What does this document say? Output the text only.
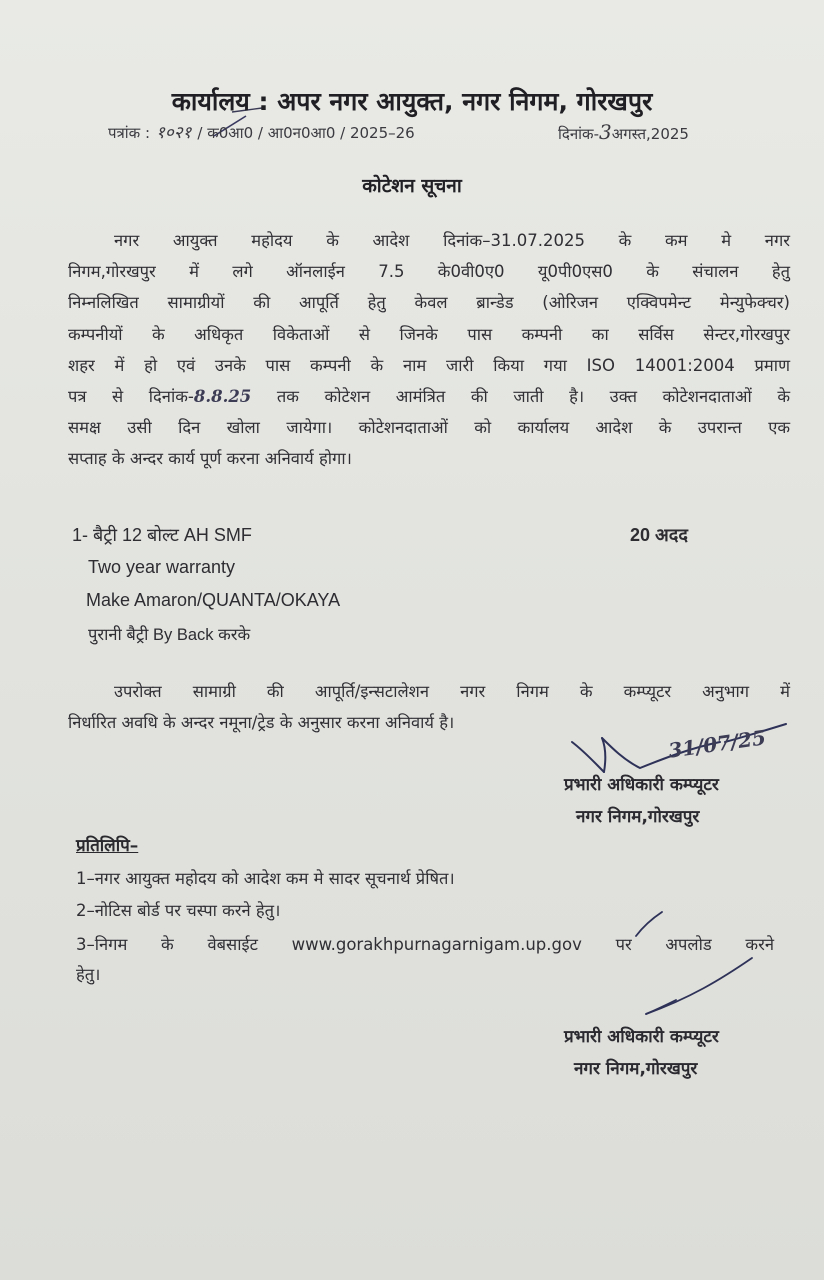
कार्यालय : अपर नगर आयुक्त, नगर निगम, गोरखपुर
पत्रांक : १०२१ / क0आ0 / आ0न0आ0 / 2025–26	दिनांक-3अगस्त,2025
कोटेशन सूचना
नगर आयुक्त महोदय के आदेश दिनांक–31.07.2025 के कम मे नगर
निगम,गोरखपुर में लगे ऑनलाईन 7.5 के0वी0ए0 यू0पी0एस0 के संचालन हेतु
निम्नलिखित सामाग्रीयों की आपूर्ति हेतु केवल ब्रान्डेड (ओरिजन एक्विपमेन्ट मेन्युफेक्चर)
कम्पनीयों के अधिकृत विकेताओं से जिनके पास कम्पनी का सर्विस सेन्टर,गोरखपुर
शहर में हो एवं उनके पास कम्पनी के नाम जारी किया गया ISO 14001:2004 प्रमाण
पत्र से दिनांक-8.8.25 तक कोटेशन आमंत्रित की जाती है। उक्त कोटेशनदाताओं के
समक्ष उसी दिन खोला जायेगा। कोटेशनदाताओं को कार्यालय आदेश के उपरान्त एक
सप्ताह के अन्दर कार्य पूर्ण करना अनिवार्य होगा।
1- बैट्री 12 बोल्ट AH SMF	20 अदद
Two year warranty
Make Amaron/QUANTA/OKAYA
पुरानी बैट्री By Back करके
उपरोक्त सामाग्री की आपूर्ति/इन्सटालेशन नगर निगम के कम्प्यूटर अनुभाग में
निर्धारित अवधि के अन्दर नमूना/ट्रेड के अनुसार करना अनिवार्य है।
31/07/25
प्रभारी अधिकारी कम्प्यूटर
नगर निगम,गोरखपुर
प्रतिलिपि–
1–नगर आयुक्त महोदय को आदेश कम मे सादर सूचनार्थ प्रेषित।
2–नोटिस बोर्ड पर चस्पा करने हेतु।
3–निगम के वेबसाईट www.gorakhpurnagarnigam.up.gov पर अपलोड करने
हेतु।
प्रभारी अधिकारी कम्प्यूटर
नगर निगम,गोरखपुर
